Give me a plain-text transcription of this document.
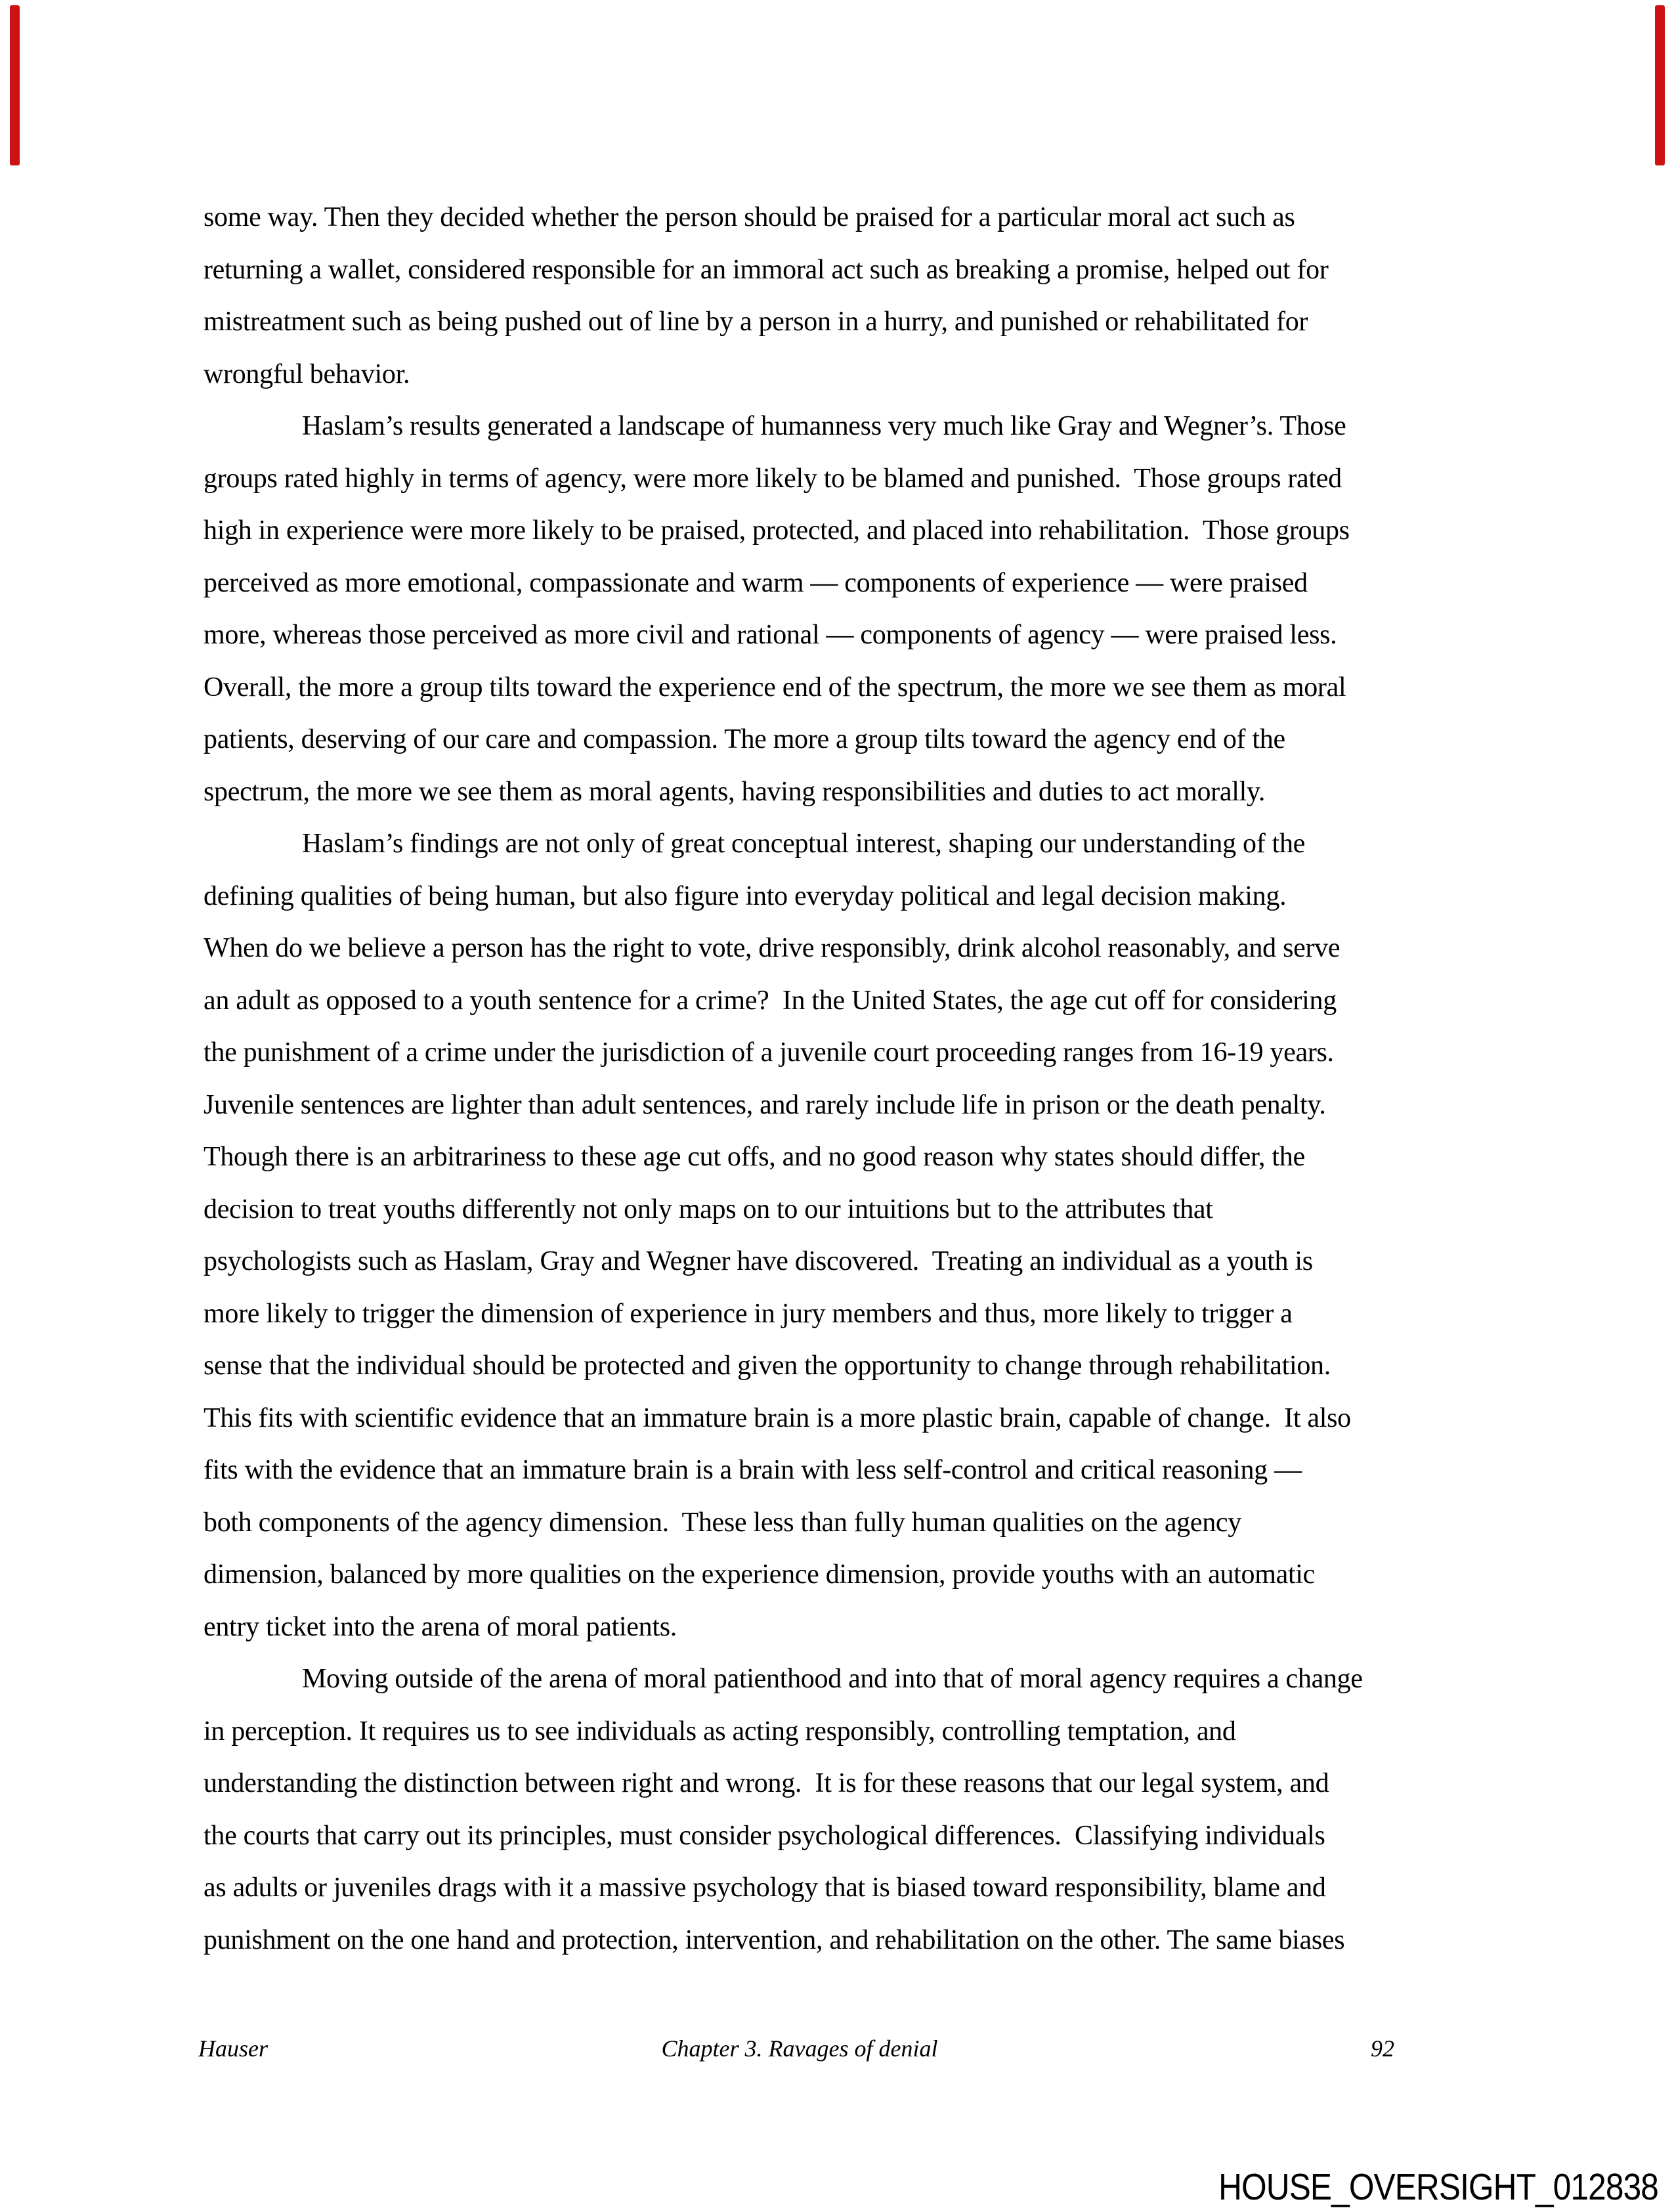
some way. Then they decided whether the person should be praised for a particular moral act such as
returning a wallet, considered responsible for an immoral act such as breaking a promise, helped out for
mistreatment such as being pushed out of line by a person in a hurry, and punished or rehabilitated for
wrongful behavior.
Haslam’s results generated a landscape of humanness very much like Gray and Wegner’s. Those
groups rated highly in terms of agency, were more likely to be blamed and punished.  Those groups rated
high in experience were more likely to be praised, protected, and placed into rehabilitation.  Those groups
perceived as more emotional, compassionate and warm — components of experience — were praised
more, whereas those perceived as more civil and rational — components of agency — were praised less.
Overall, the more a group tilts toward the experience end of the spectrum, the more we see them as moral
patients, deserving of our care and compassion. The more a group tilts toward the agency end of the
spectrum, the more we see them as moral agents, having responsibilities and duties to act morally.
Haslam’s findings are not only of great conceptual interest, shaping our understanding of the
defining qualities of being human, but also figure into everyday political and legal decision making.
When do we believe a person has the right to vote, drive responsibly, drink alcohol reasonably, and serve
an adult as opposed to a youth sentence for a crime?  In the United States, the age cut off for considering
the punishment of a crime under the jurisdiction of a juvenile court proceeding ranges from 16-19 years.
Juvenile sentences are lighter than adult sentences, and rarely include life in prison or the death penalty.
Though there is an arbitrariness to these age cut offs, and no good reason why states should differ, the
decision to treat youths differently not only maps on to our intuitions but to the attributes that
psychologists such as Haslam, Gray and Wegner have discovered.  Treating an individual as a youth is
more likely to trigger the dimension of experience in jury members and thus, more likely to trigger a
sense that the individual should be protected and given the opportunity to change through rehabilitation.
This fits with scientific evidence that an immature brain is a more plastic brain, capable of change.  It also
fits with the evidence that an immature brain is a brain with less self-control and critical reasoning —
both components of the agency dimension.  These less than fully human qualities on the agency
dimension, balanced by more qualities on the experience dimension, provide youths with an automatic
entry ticket into the arena of moral patients.
Moving outside of the arena of moral patienthood and into that of moral agency requires a change
in perception. It requires us to see individuals as acting responsibly, controlling temptation, and
understanding the distinction between right and wrong.  It is for these reasons that our legal system, and
the courts that carry out its principles, must consider psychological differences.  Classifying individuals
as adults or juveniles drags with it a massive psychology that is biased toward responsibility, blame and
punishment on the one hand and protection, intervention, and rehabilitation on the other. The same biases
Hauser	Chapter 3. Ravages of denial	92
HOUSE_OVERSIGHT_012838
